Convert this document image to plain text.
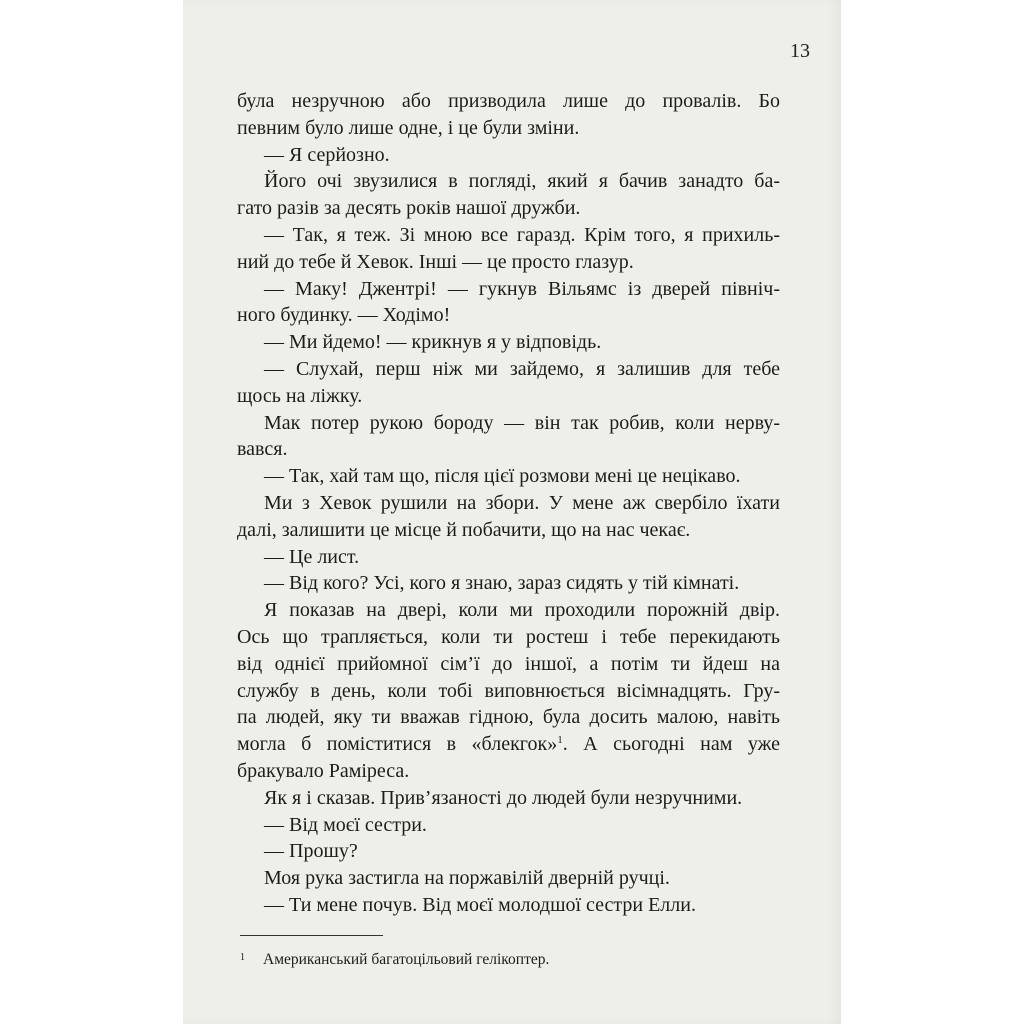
13
була незручною або призводила лише до провалів. Бо
певним було лише одне, і це були зміни.
— Я серйозно.
Його очі звузилися в погляді, який я бачив занадто ба-
гато разів за десять років нашої дружби.
— Так, я теж. Зі мною все гаразд. Крім того, я прихиль-
ний до тебе й Хевок. Інші — це просто глазур.
— Маку! Джентрі! — гукнув Вільямс із дверей північ-
ного будинку. — Ходімо!
— Ми йдемо! — крикнув я у відповідь.
— Слухай, перш ніж ми зайдемо, я залишив для тебе
щось на ліжку.
Мак потер рукою бороду — він так робив, коли нерву-
вався.
— Так, хай там що, після цієї розмови мені це нецікаво.
Ми з Хевок рушили на збори. У мене аж свербіло їхати
далі, залишити це місце й побачити, що на нас чекає.
— Це лист.
— Від кого? Усі, кого я знаю, зараз сидять у тій кімнаті.
Я показав на двері, коли ми проходили порожній двір.
Ось що трапляється, коли ти ростеш і тебе перекидають
від однієї прийомної сім’ї до іншої, а потім ти йдеш на
службу в день, коли тобі виповнюється вісімнадцять. Гру-
па людей, яку ти вважав гідною, була досить малою, навіть
могла б поміститися в «блекгок»$^1$. А сьогодні нам уже
бракувало Раміреса.
Як я і сказав. Прив’язаності до людей були незручними.
— Від моєї сестри.
— Прошу?
Моя рука застигла на поржавілій дверній ручці.
— Ти мене почув. Від моєї молодшої сестри Елли.
$^1$ Американський багатоцільовий гелікоптер.
